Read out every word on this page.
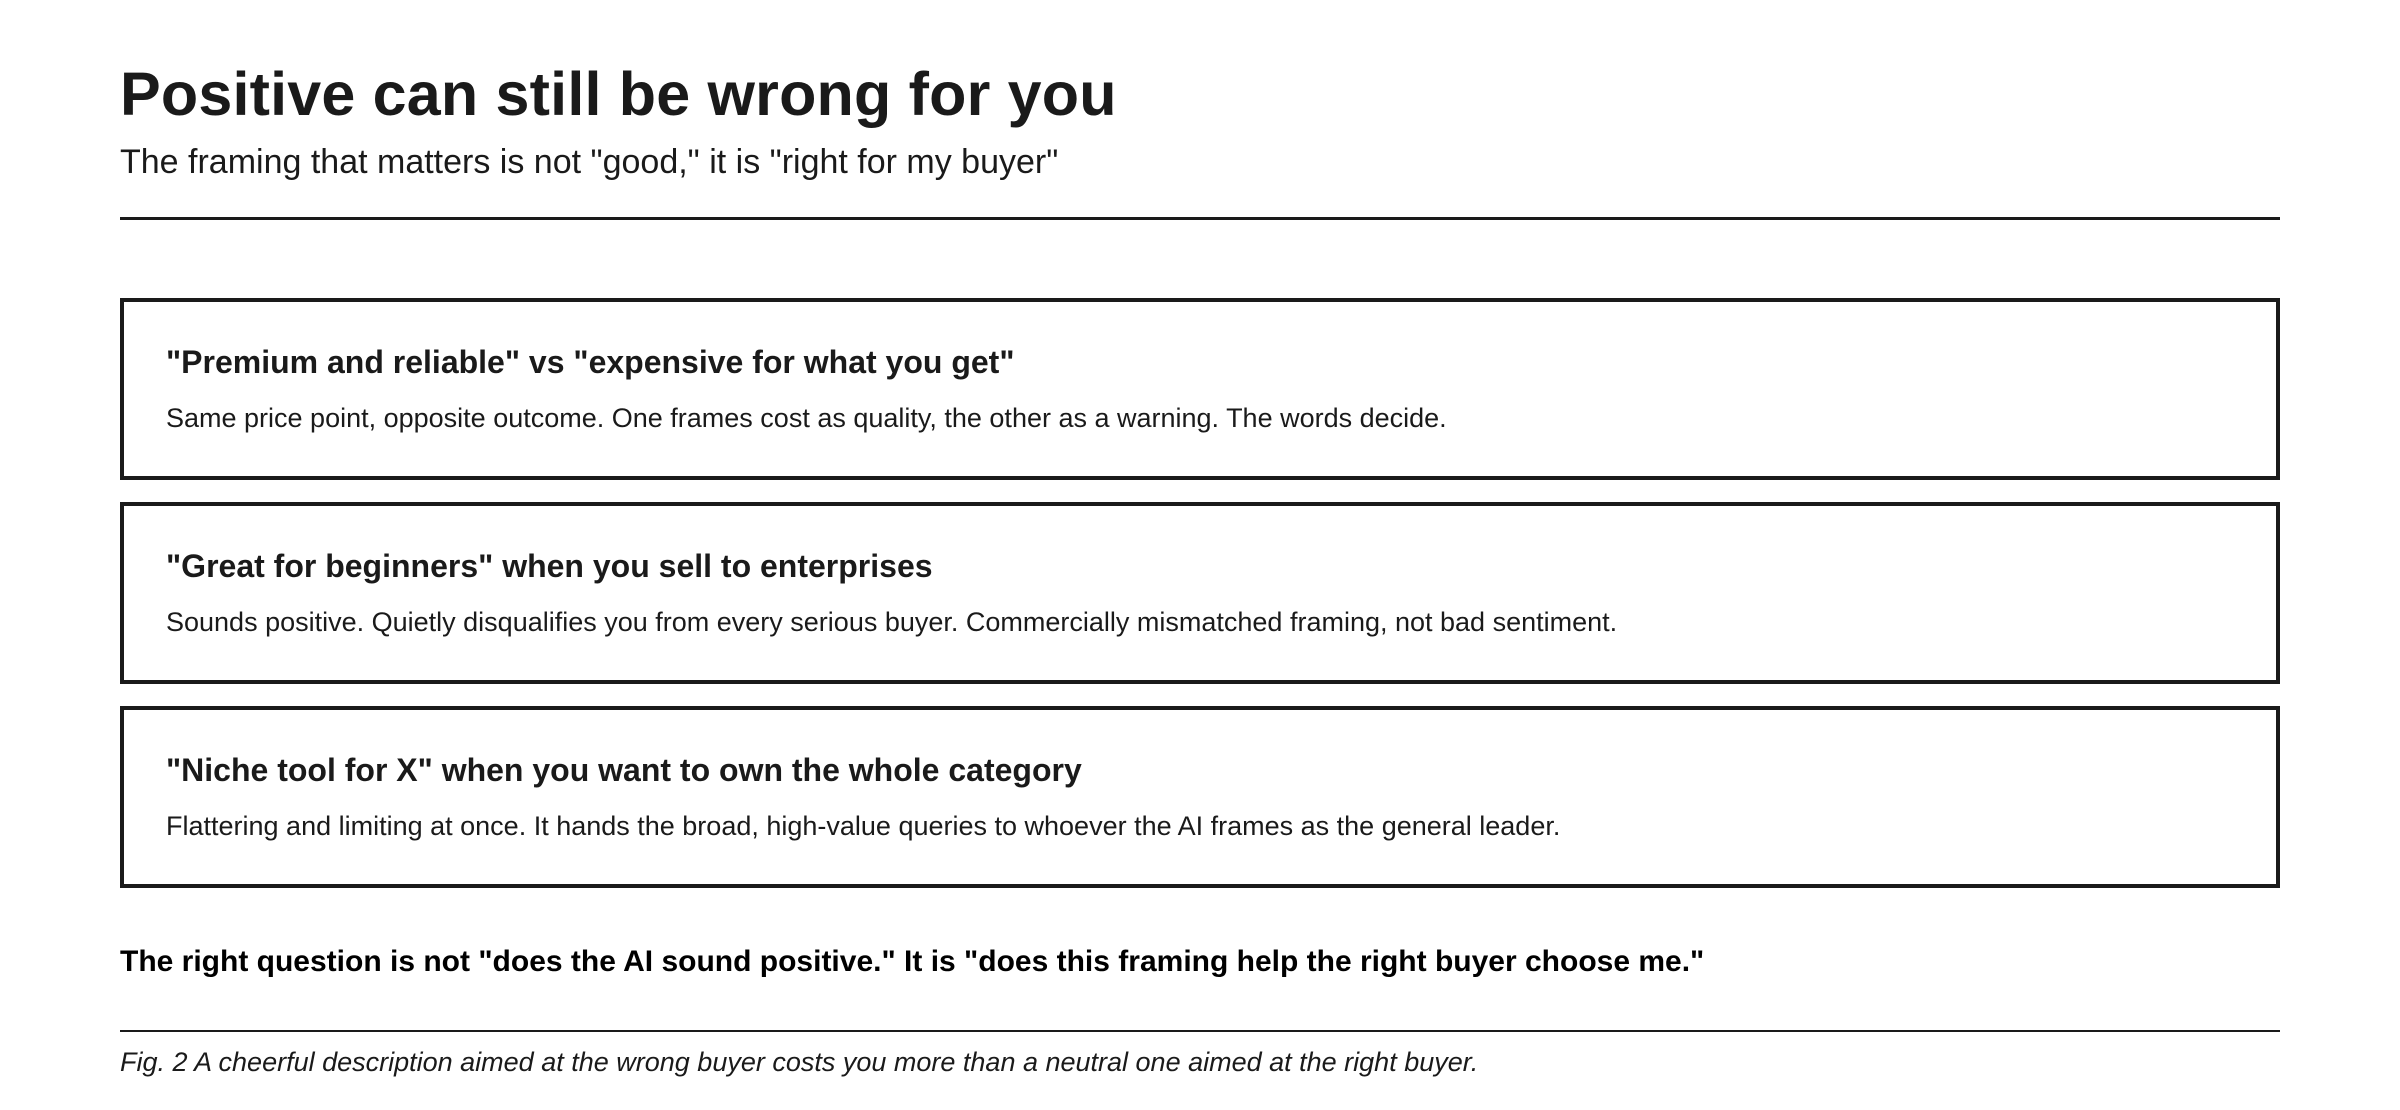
Positive can still be wrong for you

The framing that matters is not "good," it is "right for my buyer"

"Premium and reliable" vs "expensive for what you get"

Same price point, opposite outcome. One frames cost as quality, the other as a warning. The words decide.

"Great for beginners" when you sell to enterprises

Sounds positive. Quietly disqualifies you from every serious buyer. Commercially mismatched framing, not bad sentiment.

"Niche tool for X" when you want to own the whole category

Flattering and limiting at once. It hands the broad, high-value queries to whoever the AI frames as the general leader.

The right question is not "does the AI sound positive." It is "does this framing help the right buyer choose me."

Fig. 2 A cheerful description aimed at the wrong buyer costs you more than a neutral one aimed at the right buyer.
